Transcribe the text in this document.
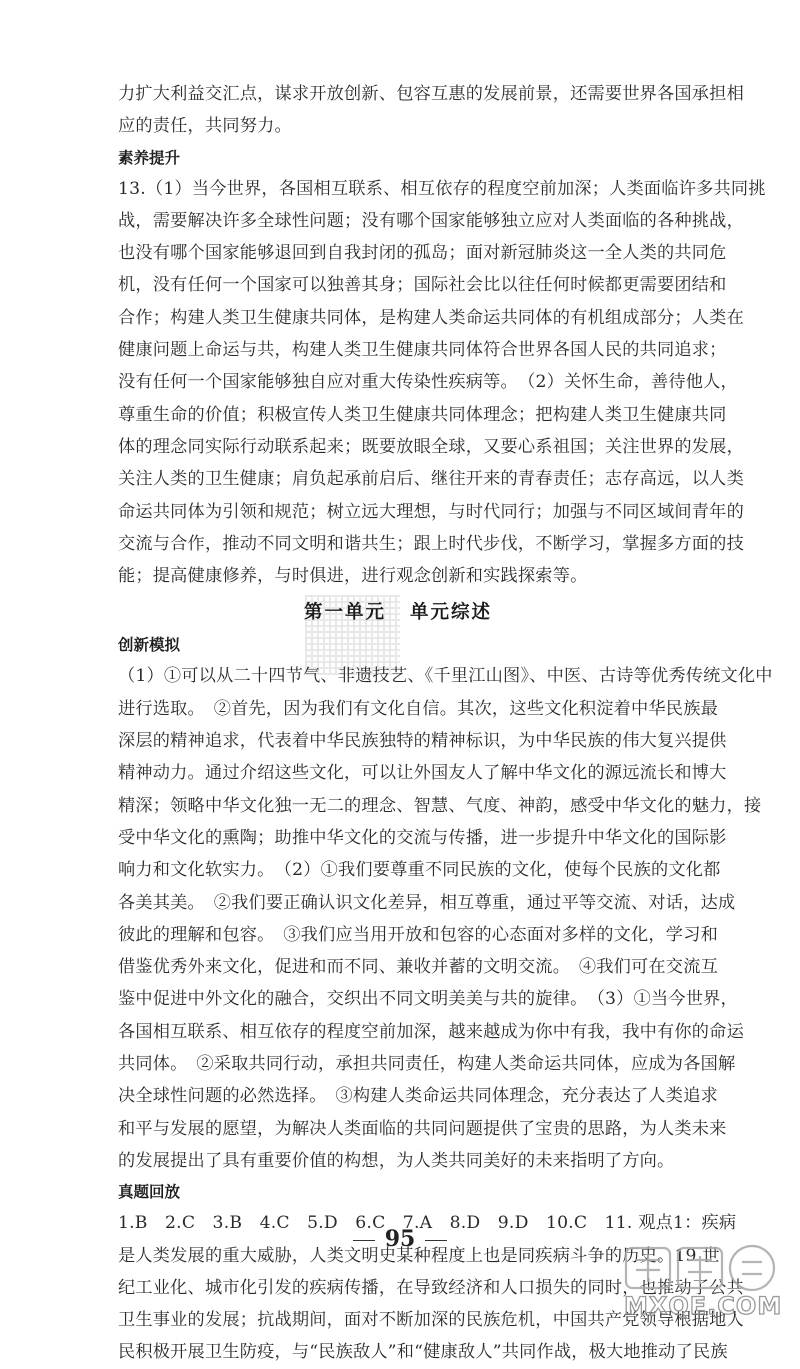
力扩大利益交汇点，谋求开放创新、包容互惠的发展前景，还需要世界各国承担相
应的责任，共同努力。
素养提升
13.（1）当今世界，各国相互联系、相互依存的程度空前加深；人类面临许多共同挑
战，需要解决许多全球性问题；没有哪个国家能够独立应对人类面临的各种挑战，
也没有哪个国家能够退回到自我封闭的孤岛；面对新冠肺炎这一全人类的共同危
机，没有任何一个国家可以独善其身；国际社会比以往任何时候都更需要团结和
合作；构建人类卫生健康共同体，是构建人类命运共同体的有机组成部分；人类在
健康问题上命运与共，构建人类卫生健康共同体符合世界各国人民的共同追求；
没有任何一个国家能够独自应对重大传染性疾病等。　（2）关怀生命，善待他人，
尊重生命的价值；积极宣传人类卫生健康共同体理念；把构建人类卫生健康共同
体的理念同实际行动联系起来；既要放眼全球，又要心系祖国；关注世界的发展，
关注人类的卫生健康；肩负起承前启后、继往开来的青春责任；志存高远，以人类
命运共同体为引领和规范；树立远大理想，与时代同行；加强与不同区域间青年的
交流与合作，推动不同文明和谐共生；跟上时代步伐，不断学习，掌握多方面的技
能；提高健康修养，与时俱进，进行观念创新和实践探索等。
第一单元 单元综述
创新模拟
（1）①可以从二十四节气、非遗技艺、《千里江山图》、中医、古诗等优秀传统文化中
进行选取。　②首先，因为我们有文化自信。其次，这些文化积淀着中华民族最
深层的精神追求，代表着中华民族独特的精神标识，为中华民族的伟大复兴提供
精神动力。通过介绍这些文化，可以让外国友人了解中华文化的源远流长和博大
精深；领略中华文化独一无二的理念、智慧、气度、神韵，感受中华文化的魅力，接
受中华文化的熏陶；助推中华文化的交流与传播，进一步提升中华文化的国际影
响力和文化软实力。　（2）①我们要尊重不同民族的文化，使每个民族的文化都
各美其美。　②我们要正确认识文化差异，相互尊重，通过平等交流、对话，达成
彼此的理解和包容。　③我们应当用开放和包容的心态面对多样的文化，学习和
借鉴优秀外来文化，促进和而不同、兼收并蓄的文明交流。　④我们可在交流互
鉴中促进中外文化的融合，交织出不同文明美美与共的旋律。　（3）①当今世界，
各国相互联系、相互依存的程度空前加深，越来越成为你中有我，我中有你的命运
共同体。　②采取共同行动，承担共同责任，构建人类命运共同体，应成为各国解
决全球性问题的必然选择。　③构建人类命运共同体理念，充分表达了人类追求
和平与发展的愿望，为解决人类面临的共同问题提供了宝贵的思路，为人类未来
的发展提出了具有重要价值的构想，为人类共同美好的未来指明了方向。
真题回放
1.B　2.C　3.B　4.C　5.D　6.C　7.A　8.D　9.D　10.C　11. 观点1：疾病
是人类发展的重大威胁，人类文明史某种程度上也是同疾病斗争的历史。19 世
纪工业化、城市化引发的疾病传播，在导致经济和人口损失的同时，也推动了公共
卫生事业的发展；抗战期间，面对不断加深的民族危机，中国共产党领导根据地人
民积极开展卫生防疫，与“民族敌人”和“健康敌人”共同作战，极大地推动了民族
95
MXQE.COM
